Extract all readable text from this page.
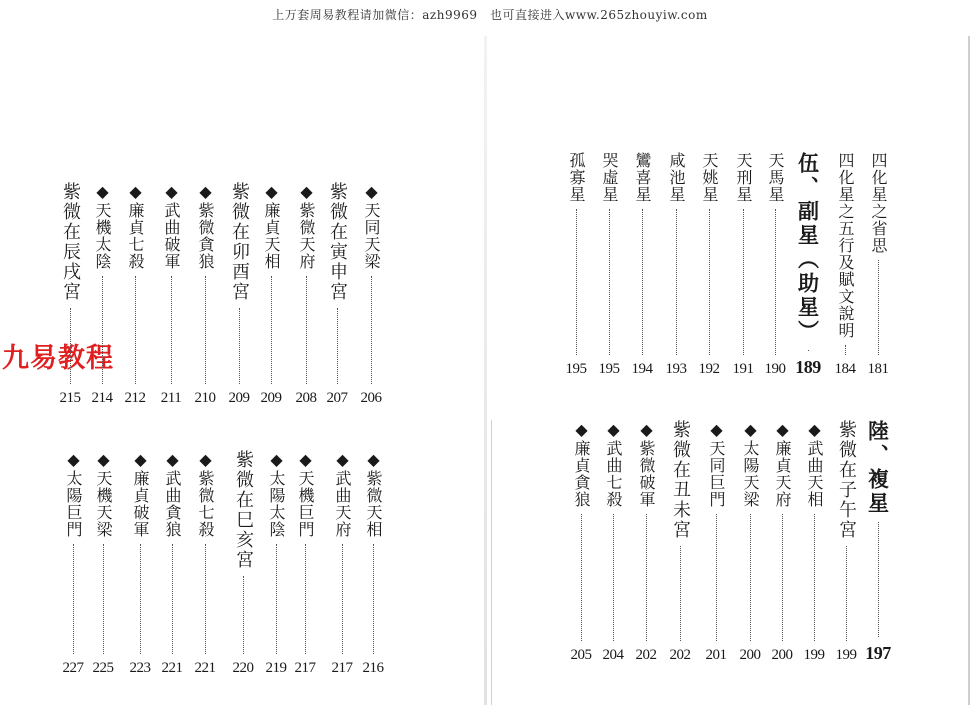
上万套周易教程请加微信：azh9969　也可直接进入www.265zhouyiw.com
九易教程
四化星之省思
181
四化星之五行及賦文說明
184
伍、副星（助星）
189
天馬星
190
天刑星
191
天姚星
192
咸池星
193
鸞喜星
194
哭虛星
195
孤寡星
195
陸、複星
197
紫微在子午宮
199
◆武曲天相
199
◆廉貞天府
200
◆太陽天梁
200
◆天同巨門
201
紫微在丑未宮
202
◆紫微破軍
202
◆武曲七殺
204
◆廉貞貪狼
205
◆天同天梁
206
紫微在寅申宮
207
◆紫微天府
208
◆廉貞天相
209
紫微在卯酉宮
209
◆紫微貪狼
210
◆武曲破軍
211
◆廉貞七殺
212
◆天機太陰
214
紫微在辰戌宮
215
◆紫微天相
216
◆武曲天府
217
◆天機巨門
217
◆太陽太陰
219
紫微在巳亥宮
220
◆紫微七殺
221
◆武曲貪狼
221
◆廉貞破軍
223
◆天機天梁
225
◆太陽巨門
227
